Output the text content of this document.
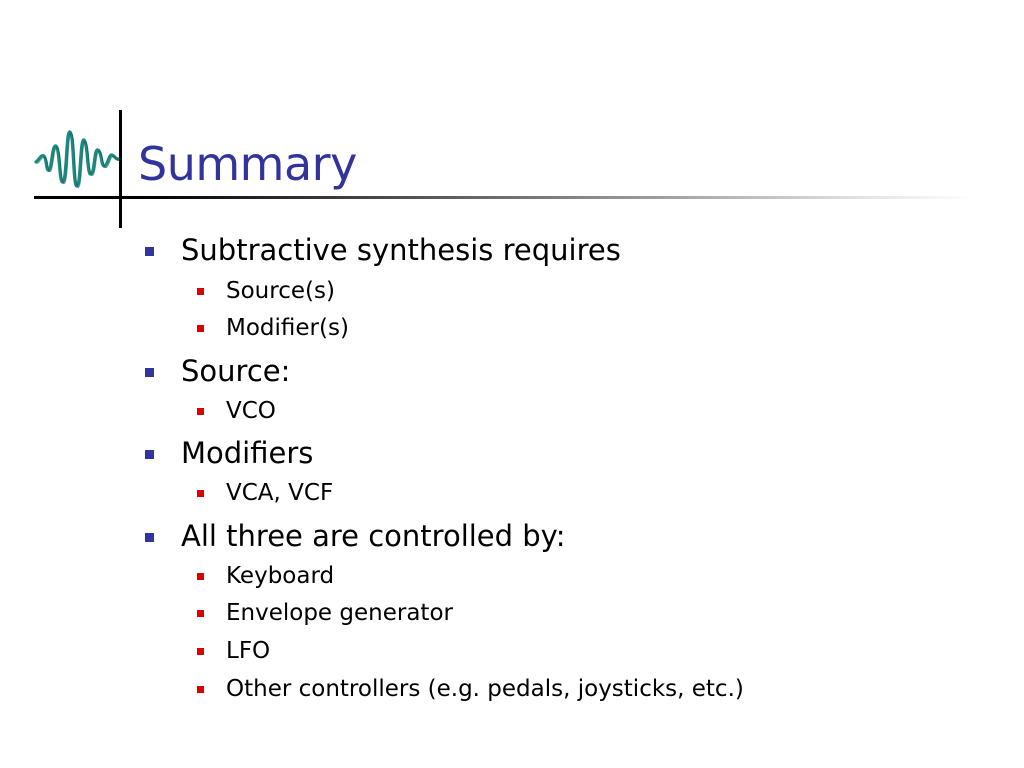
Summary
Subtractive synthesis requires
Source(s)
Modifier(s)
Source:
VCO
Modifiers
VCA, VCF
All three are controlled by:
Keyboard
Envelope generator
LFO
Other controllers (e.g. pedals, joysticks, etc.)
